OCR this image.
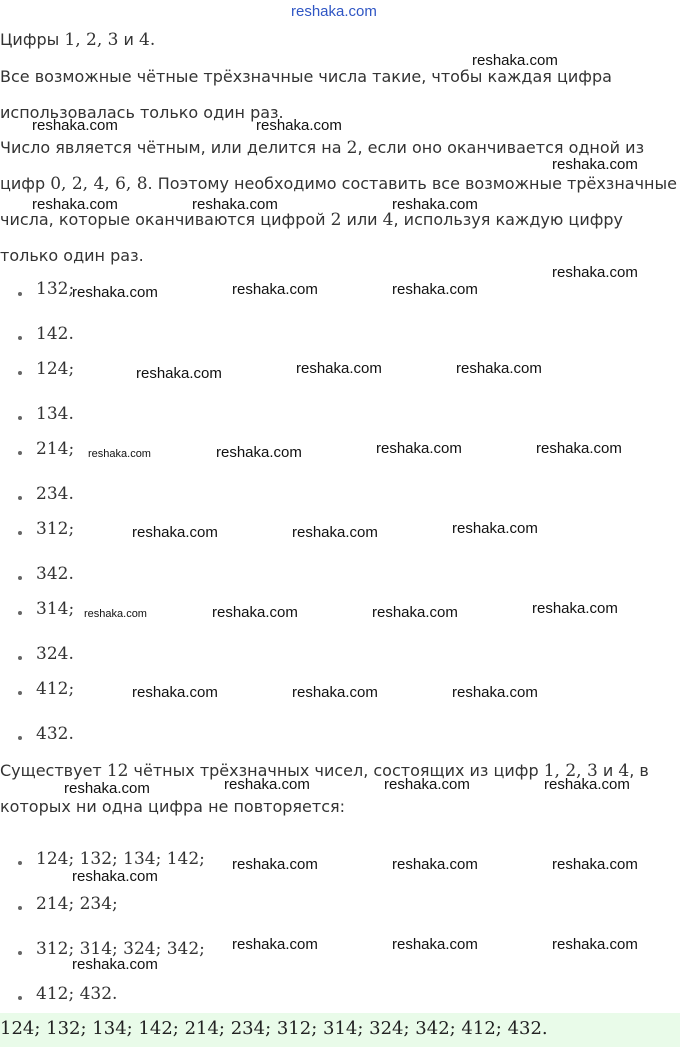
reshaka.com
Цифры 1, 2, 3 и 4.
Все возможные чётные трёхзначные числа такие, чтобы каждая цифра
использовалась только один раз.
Число является чётным, или делится на 2, если оно оканчивается одной из
цифр 0, 2, 4, 6, 8. Поэтому необходимо составить все возможные трёхзначные
числа, которые оканчиваются цифрой 2 или 4, используя каждую цифру
только один раз.
132;
142.
124;
134.
214;
234.
312;
342.
314;
324.
412;
432.
Существует 12 чётных трёхзначных чисел, состоящих из цифр 1, 2, 3 и 4, в
которых ни одна цифра не повторяется:
124; 132; 134; 142;
214; 234;
312; 314; 324; 342;
412; 432.
124; 132; 134; 142; 214; 234; 312; 314; 324; 342; 412; 432.
reshaka.com
reshaka.com	reshaka.com
reshaka.com
reshaka.com	reshaka.com	reshaka.com
reshaka.com
reshaka.com	reshaka.com	reshaka.com
reshaka.com	reshaka.com	reshaka.com
reshaka.com	reshaka.com	reshaka.com	reshaka.com
reshaka.com	reshaka.com	reshaka.com
reshaka.com	reshaka.com	reshaka.com	reshaka.com
reshaka.com	reshaka.com	reshaka.com
reshaka.com	reshaka.com	reshaka.com	reshaka.com
reshaka.com	reshaka.com	reshaka.com
reshaka.com
reshaka.com	reshaka.com	reshaka.com
reshaka.com
